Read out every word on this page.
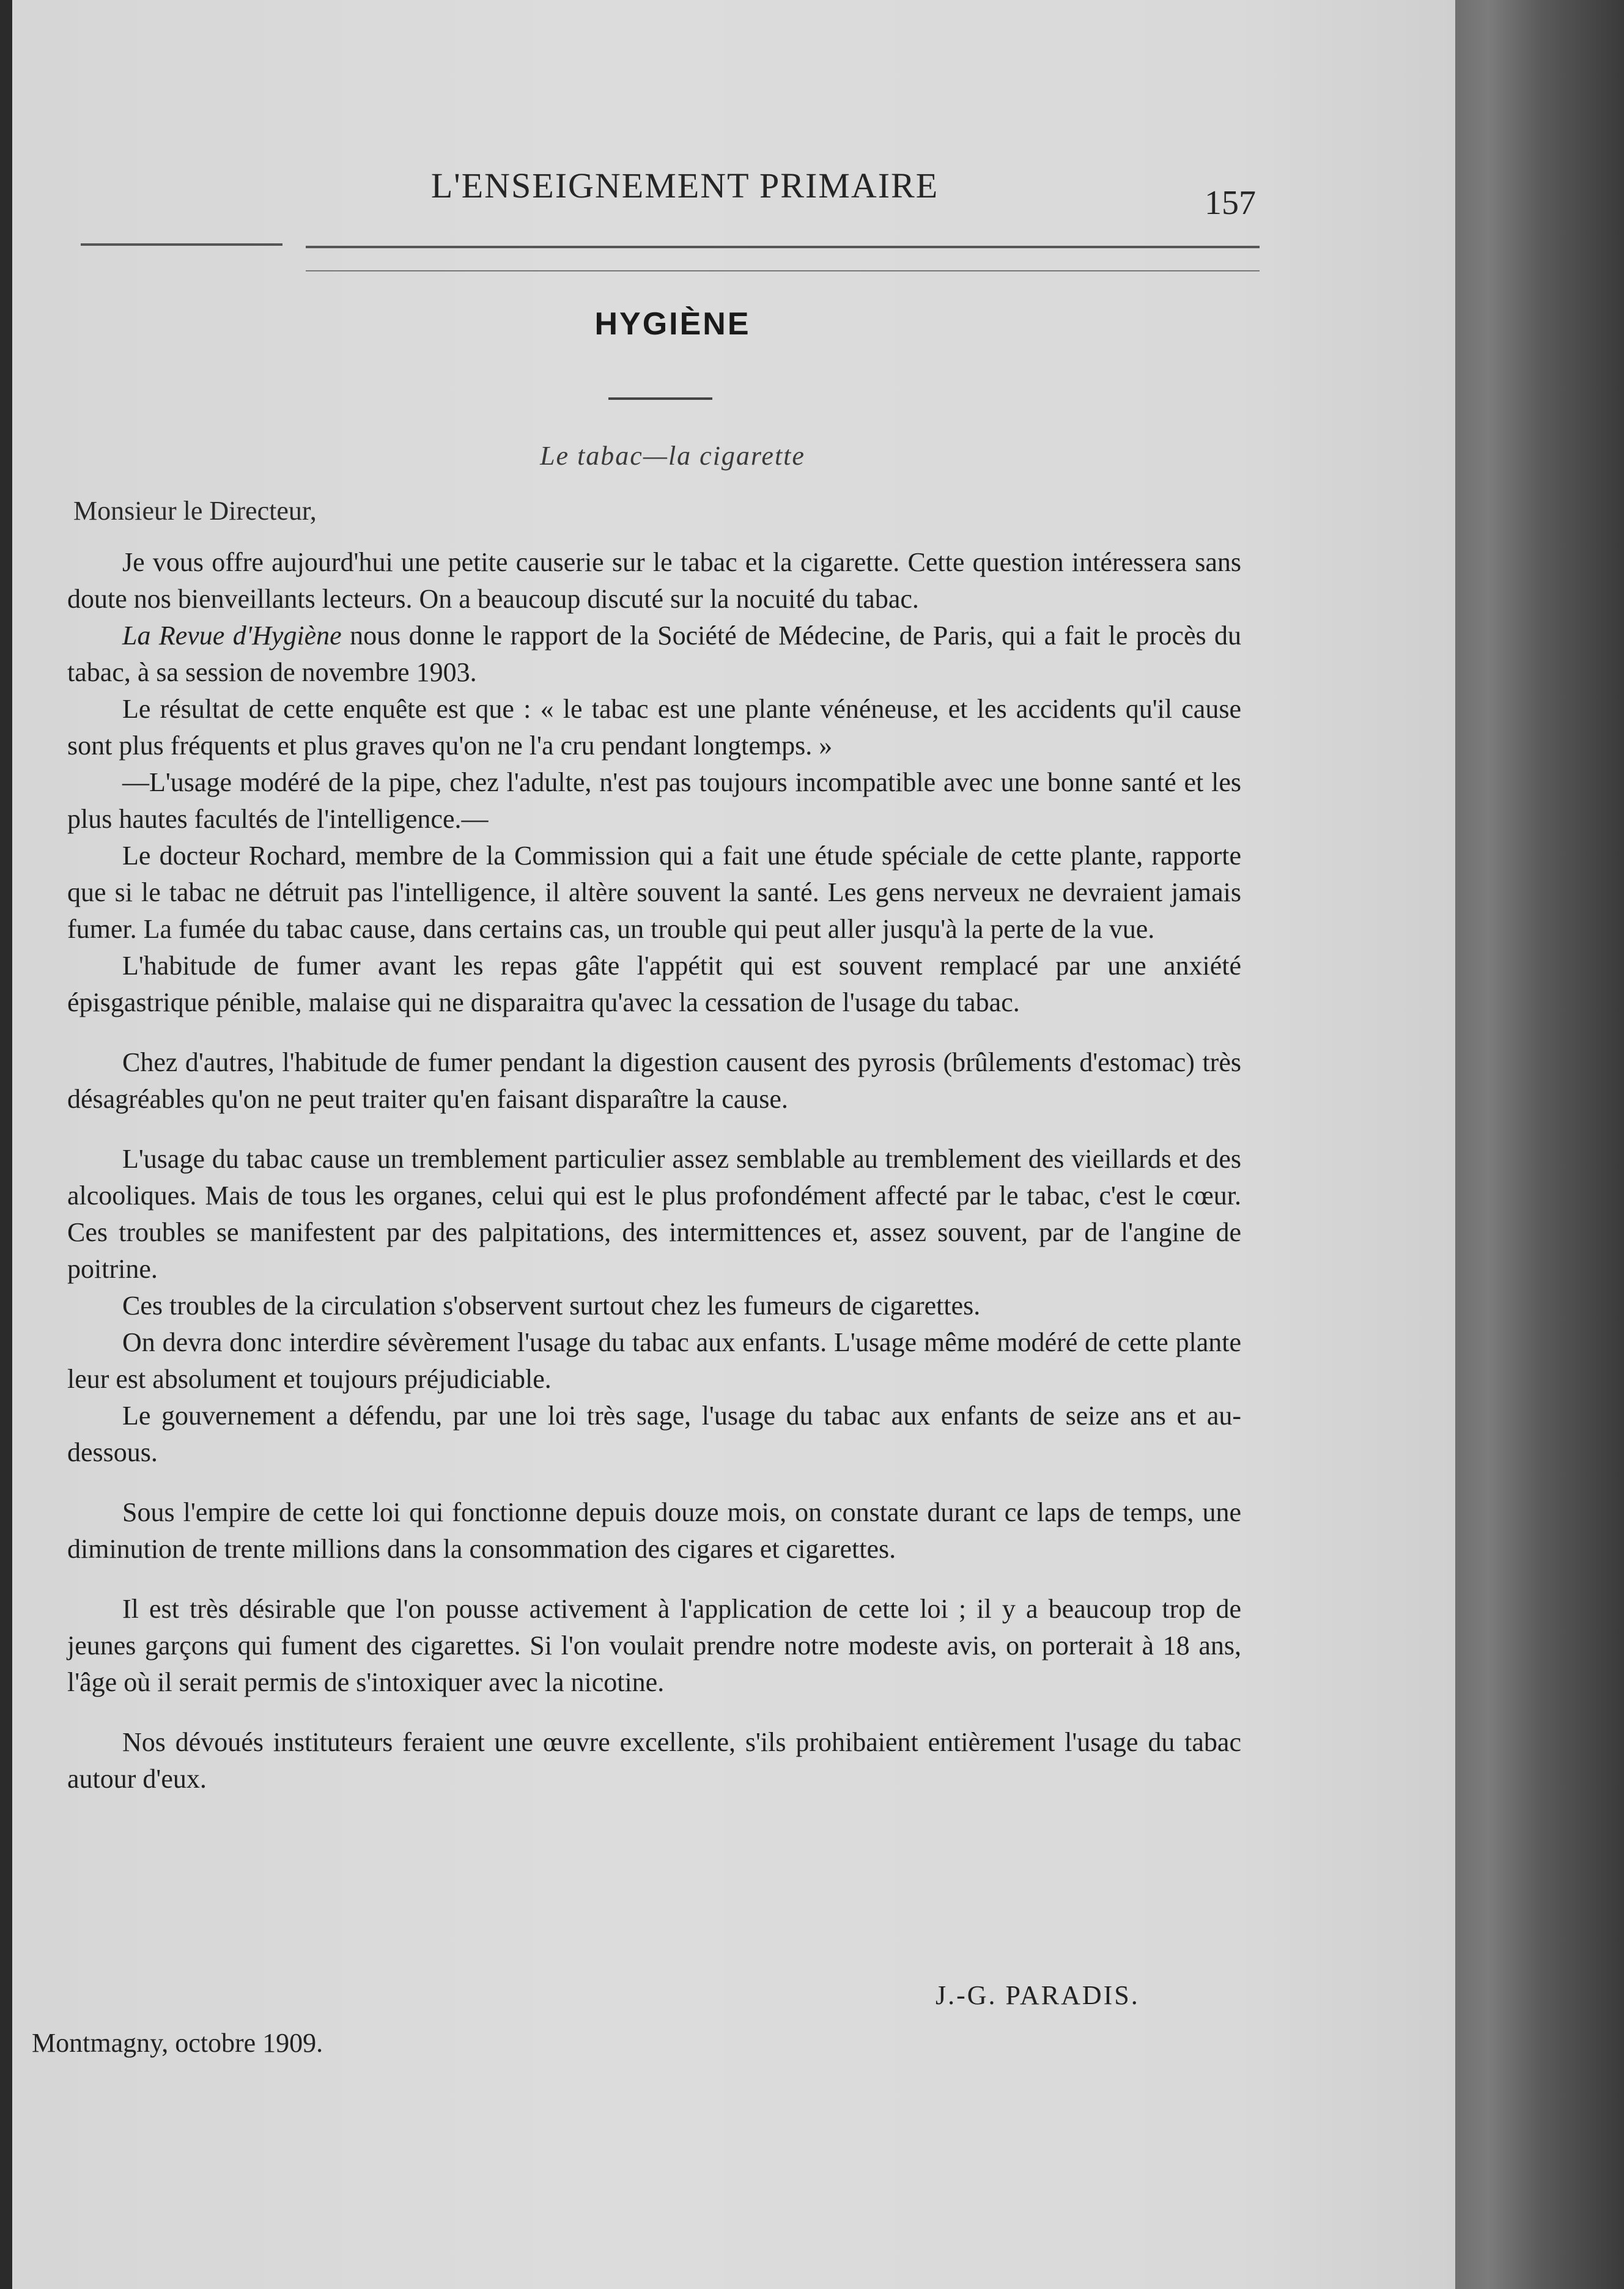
L'ENSEIGNEMENT PRIMAIRE	157
HYGIÈNE
Le tabac—la cigarette
Monsieur le Directeur,

Je vous offre aujourd'hui une petite causerie sur le tabac et la cigarette. Cette question intéressera sans doute nos bienveillants lecteurs. On a beaucoup discuté sur la nocuité du tabac.

La Revue d'Hygiène nous donne le rapport de la Société de Médecine, de Paris, qui a fait le procès du tabac, à sa session de novembre 1903.

Le résultat de cette enquête est que : « le tabac est une plante vénéneuse, et les accidents qu'il cause sont plus fréquents et plus graves qu'on ne l'a cru pendant longtemps. »

—L'usage modéré de la pipe, chez l'adulte, n'est pas toujours incompatible avec une bonne santé et les plus hautes facultés de l'intelligence.—

Le docteur Rochard, membre de la Commission qui a fait une étude spéciale de cette plante, rapporte que si le tabac ne détruit pas l'intelligence, il altère souvent la santé. Les gens nerveux ne devraient jamais fumer. La fumée du tabac cause, dans certains cas, un trouble qui peut aller jusqu'à la perte de la vue.

L'habitude de fumer avant les repas gâte l'appétit qui est souvent remplacé par une anxiété épisgastrique pénible, malaise qui ne disparaitra qu'avec la cessation de l'usage du tabac.

Chez d'autres, l'habitude de fumer pendant la digestion causent des pyrosis (brûlements d'estomac) très désagréables qu'on ne peut traiter qu'en faisant disparaître la cause.

L'usage du tabac cause un tremblement particulier assez semblable au tremblement des vieillards et des alcooliques. Mais de tous les organes, celui qui est le plus profondément affecté par le tabac, c'est le cœur. Ces troubles se manifestent par des palpitations, des intermittences et, assez souvent, par de l'angine de poitrine.

Ces troubles de la circulation s'observent surtout chez les fumeurs de cigarettes.

On devra donc interdire sévèrement l'usage du tabac aux enfants. L'usage même modéré de cette plante leur est absolument et toujours préjudiciable.

Le gouvernement a défendu, par une loi très sage, l'usage du tabac aux enfants de seize ans et au-dessous.

Sous l'empire de cette loi qui fonctionne depuis douze mois, on constate durant ce laps de temps, une diminution de trente millions dans la consommation des cigares et cigarettes.

Il est très désirable que l'on pousse activement à l'application de cette loi ; il y a beaucoup trop de jeunes garçons qui fument des cigarettes. Si l'on voulait prendre notre modeste avis, on porterait à 18 ans, l'âge où il serait permis de s'intoxiquer avec la nicotine.

Nos dévoués instituteurs feraient une œuvre excellente, s'ils prohibaient entièrement l'usage du tabac autour d'eux.

J.-G. PARADIS.
Montmagny, octobre 1909.
